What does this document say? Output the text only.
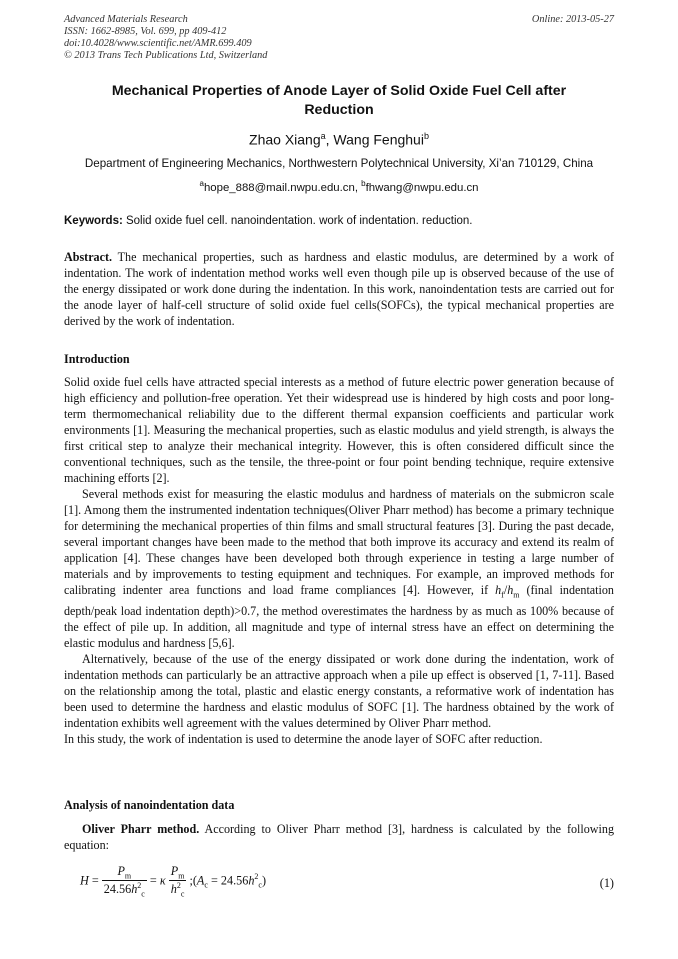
Advanced Materials Research
ISSN: 1662-8985, Vol. 699, pp 409-412
doi:10.4028/www.scientific.net/AMR.699.409
© 2013 Trans Tech Publications Ltd, Switzerland
Online: 2013-05-27
Mechanical Properties of Anode Layer of Solid Oxide Fuel Cell after
Reduction
Zhao Xiang$^a$, Wang Fenghui$^b$
Department of Engineering Mechanics, Northwestern Polytechnical University, Xi’an 710129, China
$^a$hope_888@mail.nwpu.edu.cn, $^b$fhwang@nwpu.edu.cn
Keywords: Solid oxide fuel cell. nanoindentation. work of indentation. reduction.

Abstract. The mechanical properties, such as hardness and elastic modulus, are determined by a work of indentation. The work of indentation method works well even though pile up is observed because of the use of the energy dissipated or work done during the indentation. In this work, nanoindentation tests are carried out for the anode layer of half-cell structure of solid oxide fuel cells(SOFCs), the typical mechanical properties are derived by the work of indentation.

Introduction

Solid oxide fuel cells have attracted special interests as a method of future electric power generation because of high efficiency and pollution-free operation. Yet their widespread use is hindered by high costs and poor long-term thermomechanical reliability due to the different thermal expansion coefficients and particular work environments [1]. Measuring the mechanical properties, such as elastic modulus and yield strength, is always the first critical step to analyze their mechanical integrity. However, this is often considered difficult since the conventional techniques, such as the tensile, the three-point or four point bending technique, require extensive machining efforts [2].

Several methods exist for measuring the elastic modulus and hardness of materials on the submicron scale [1]. Among them the instrumented indentation techniques(Oliver Pharr method) has become a primary technique for determining the mechanical properties of thin films and small structural features [3]. During the past decade, several important changes have been made to the method that both improve its accuracy and extend its realm of application [4]. These changes have been developed both through experience in testing a large number of materials and by improvements to testing equipment and techniques. For example, an improved methods for calibrating indenter area functions and load frame compliances [4]. However, if $h_f/h_m$ (final indentation depth/peak load indentation depth)>0.7, the method overestimates the hardness by as much as 100% because of the effect of pile up. In addition, all magnitude and type of internal stress have an effect on determining the elastic modulus and hardness [5,6].

Alternatively, because of the use of the energy dissipated or work done during the indentation, work of indentation methods can particularly be an attractive approach when a pile up effect is observed [1, 7-11]. Based on the relationship among the total, plastic and elastic energy constants, a reformative work of indentation has been used to determine the hardness and elastic modulus of SOFC [1]. The hardness obtained by the work of indentation exhibits well agreement with the values determined by Oliver Pharr method.

In this study, the work of indentation is used to determine the anode layer of SOFC after reduction.

Analysis of nanoindentation data

Oliver Pharr method. According to Oliver Pharr method [3], hardness is calculated by the following equation:

$H = \frac{P_m}{24.56h^2_c} = \kappa \frac{P_m}{h^2_c}$ $;(A_c = 24.56h^2_c)$	(1)
